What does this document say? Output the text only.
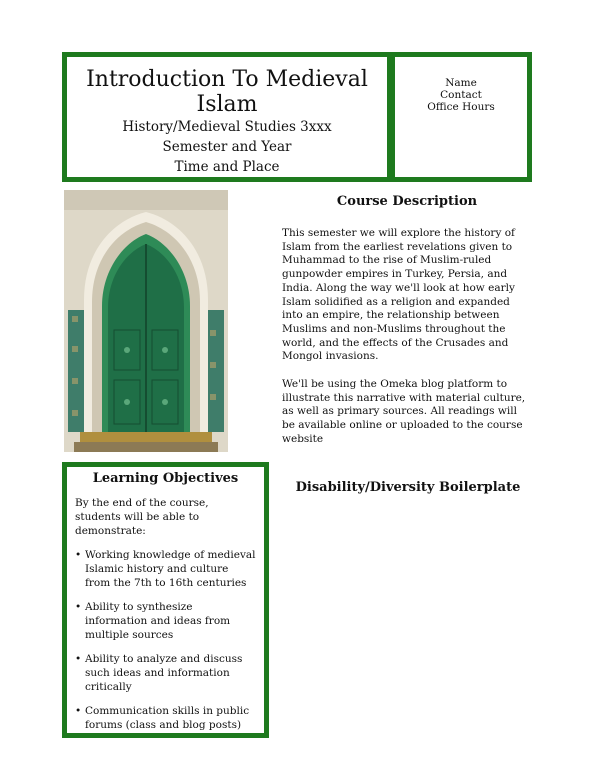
Introduction To Medieval Islam
History/Medieval Studies 3xxx
Semester and Year
Time and Place
Name
Contact
Office Hours
Course Description
This semester we will explore the history of Islam from the earliest revelations given to Muhammad to the rise of Muslim-ruled gunpowder empires in Turkey, Persia, and India. Along the way we'll look at how early Islam solidified as a religion and expanded into an empire, the relationship between Muslims and non-Muslims throughout the world, and the effects of the Crusades and Mongol invasions.
We'll be using the Omeka blog platform to illustrate this narrative with material culture, as well as primary sources. All readings will be available online or uploaded to the course website
Disability/Diversity Boilerplate
Learning Objectives
By the end of the course, students will be able to demonstrate:
• Working knowledge of medieval Islamic history and culture from the 7th to 16th centuries
• Ability to synthesize information and ideas from multiple sources
• Ability to analyze and discuss such ideas and information critically
• Communication skills in public forums (class and blog posts)
